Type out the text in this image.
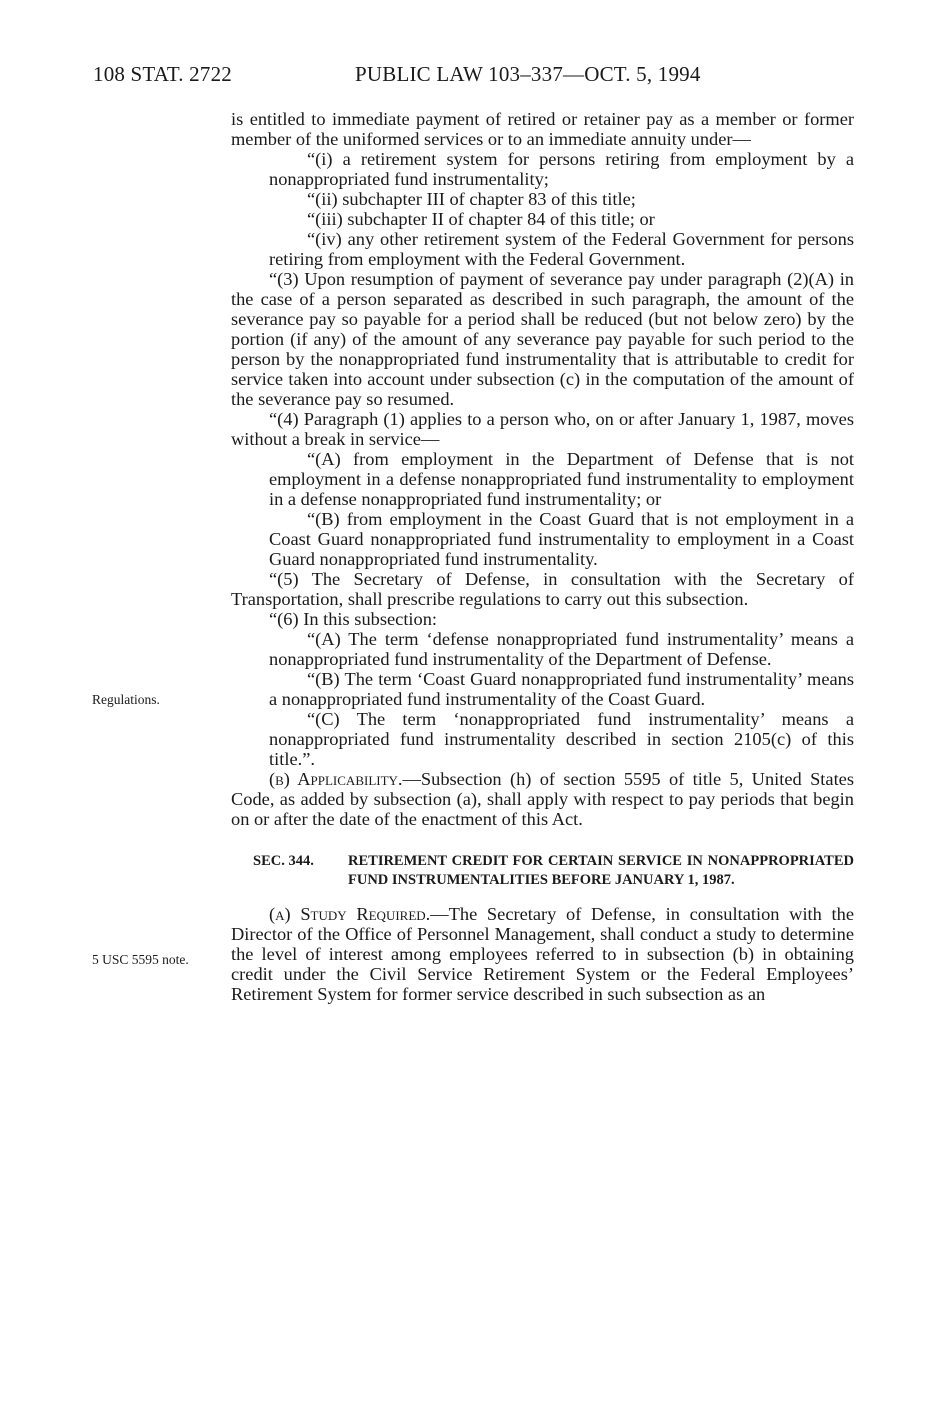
108 STAT. 2722	PUBLIC LAW 103–337—OCT. 5, 1994
Regulations.
5 USC 5595 note.

is entitled to immediate payment of retired or retainer pay as a member or former member of the uniformed services or to an immediate annuity under—

“(i) a retirement system for persons retiring from employment by a nonappropriated fund instrumentality;

“(ii) subchapter III of chapter 83 of this title;

“(iii) subchapter II of chapter 84 of this title; or

“(iv) any other retirement system of the Federal Government for persons retiring from employment with the Federal Government.

“(3) Upon resumption of payment of severance pay under paragraph (2)(A) in the case of a person separated as described in such paragraph, the amount of the severance pay so payable for a period shall be reduced (but not below zero) by the portion (if any) of the amount of any severance pay payable for such period to the person by the nonappropriated fund instrumentality that is attributable to credit for service taken into account under subsection (c) in the computation of the amount of the severance pay so resumed.

“(4) Paragraph (1) applies to a person who, on or after January 1, 1987, moves without a break in service—

“(A) from employment in the Department of Defense that is not employment in a defense nonappropriated fund instrumentality to employment in a defense nonappropriated fund instrumentality; or

“(B) from employment in the Coast Guard that is not employment in a Coast Guard nonappropriated fund instrumentality to employment in a Coast Guard nonappropriated fund instrumentality.

“(5) The Secretary of Defense, in consultation with the Secretary of Transportation, shall prescribe regulations to carry out this subsection.

“(6) In this subsection:

“(A) The term ‘defense nonappropriated fund instrumentality’ means a nonappropriated fund instrumentality of the Department of Defense.

“(B) The term ‘Coast Guard nonappropriated fund instrumentality’ means a nonappropriated fund instrumentality of the Coast Guard.

“(C) The term ‘nonappropriated fund instrumentality’ means a nonappropriated fund instrumentality described in section 2105(c) of this title.”.

(b) Applicability.—Subsection (h) of section 5595 of title 5, United States Code, as added by subsection (a), shall apply with respect to pay periods that begin on or after the date of the enactment of this Act.

SEC. 344.	RETIREMENT CREDIT FOR CERTAIN SERVICE IN NONAPPROPRIATED FUND INSTRUMENTALITIES BEFORE JANUARY 1, 1987.

(a) Study Required.—The Secretary of Defense, in consultation with the Director of the Office of Personnel Management, shall conduct a study to determine the level of interest among employees referred to in subsection (b) in obtaining credit under the Civil Service Retirement System or the Federal Employees’ Retirement System for former service described in such subsection as an
